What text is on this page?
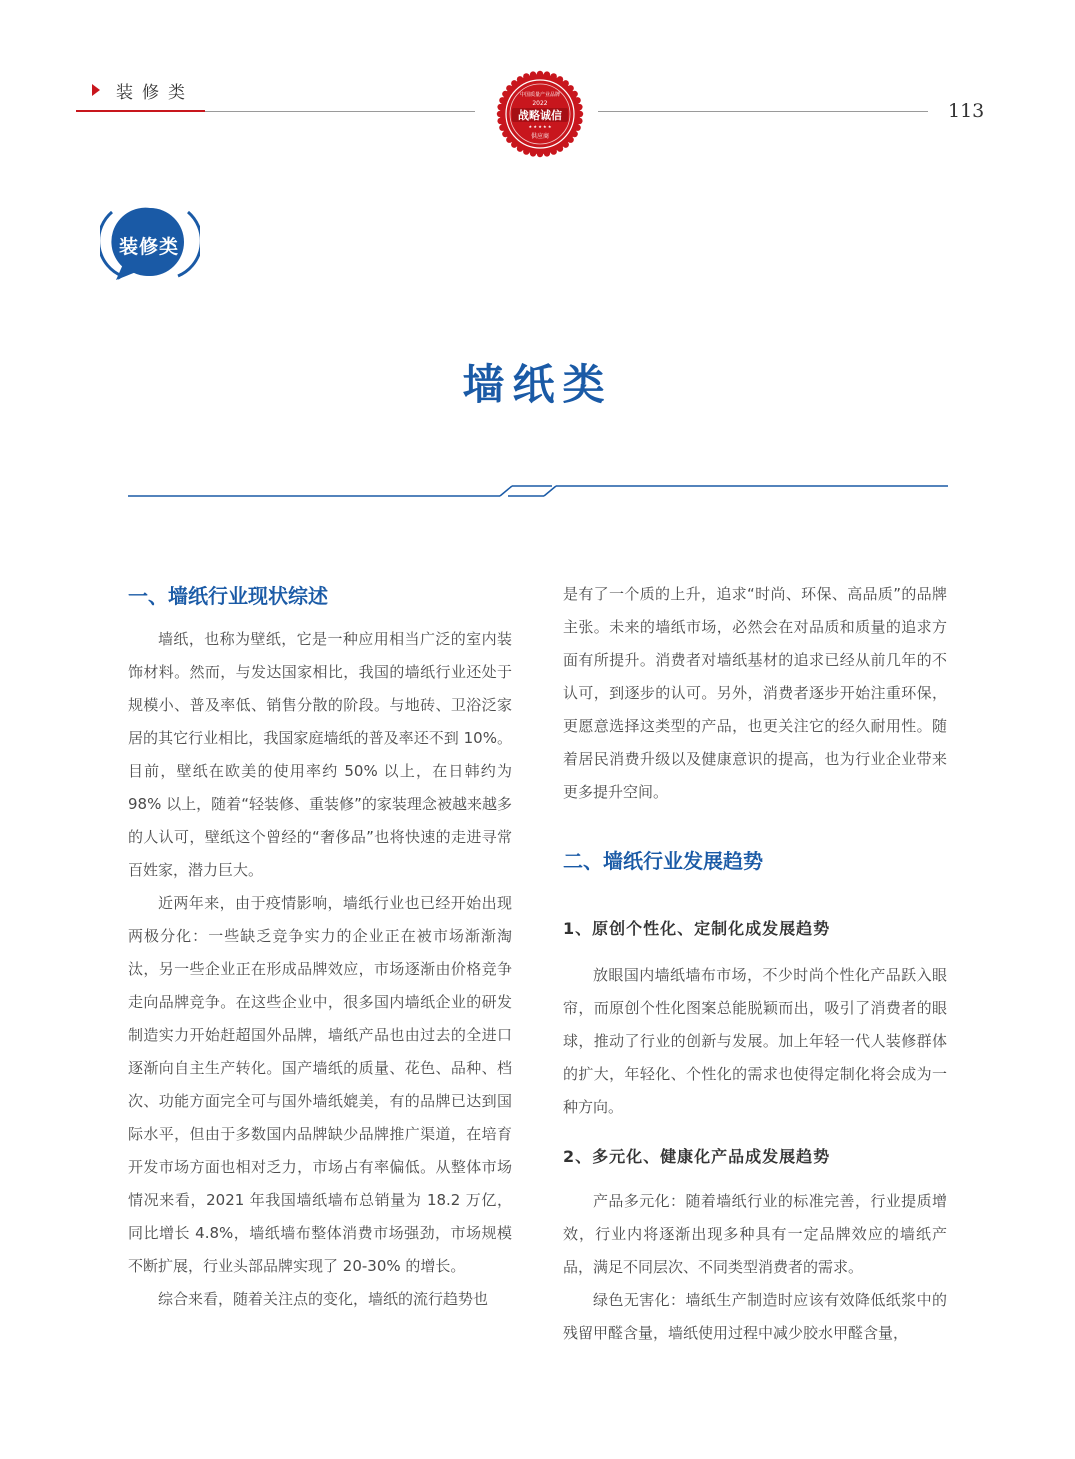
装修类
113
中国质量产业品牌
2022
战略诚信
★ ★ ★ ★ ★
供应商
装修类
墙纸类
一、墙纸行业现状综述

墙纸，也称为壁纸，它是一种应用相当广泛的室内装饰材料。然而，与发达国家相比，我国的墙纸行业还处于规模小、普及率低、销售分散的阶段。与地砖、卫浴泛家居的其它行业相比，我国家庭墙纸的普及率还不到 10%。目前，壁纸在欧美的使用率约 50% 以上，在日韩约为 98% 以上，随着“轻装修、重装修”的家装理念被越来越多的人认可，壁纸这个曾经的“奢侈品”也将快速的走进寻常百姓家，潜力巨大。

近两年来，由于疫情影响，墙纸行业也已经开始出现两极分化：一些缺乏竞争实力的企业正在被市场渐渐淘汰，另一些企业正在形成品牌效应，市场逐渐由价格竞争走向品牌竞争。在这些企业中，很多国内墙纸企业的研发制造实力开始赶超国外品牌，墙纸产品也由过去的全进口逐渐向自主生产转化。国产墙纸的质量、花色、品种、档次、功能方面完全可与国外墙纸媲美，有的品牌已达到国际水平，但由于多数国内品牌缺少品牌推广渠道，在培育开发市场方面也相对乏力，市场占有率偏低。从整体市场情况来看，2021 年我国墙纸墙布总销量为 18.2 万亿，同比增长 4.8%，墙纸墙布整体消费市场强劲，市场规模不断扩展，行业头部品牌实现了 20-30% 的增长。

综合来看，随着关注点的变化，墙纸的流行趋势也

是有了一个质的上升，追求“时尚、环保、高品质”的品牌主张。未来的墙纸市场，必然会在对品质和质量的追求方面有所提升。消费者对墙纸基材的追求已经从前几年的不认可，到逐步的认可。另外，消费者逐步开始注重环保，更愿意选择这类型的产品，也更关注它的经久耐用性。随着居民消费升级以及健康意识的提高，也为行业企业带来更多提升空间。

二、墙纸行业发展趋势
1、原创个性化、定制化成发展趋势

放眼国内墙纸墙布市场，不少时尚个性化产品跃入眼帘，而原创个性化图案总能脱颖而出，吸引了消费者的眼球，推动了行业的创新与发展。加上年轻一代人装修群体的扩大，年轻化、个性化的需求也使得定制化将会成为一种方向。

2、多元化、健康化产品成发展趋势

产品多元化：随着墙纸行业的标准完善，行业提质增效，行业内将逐渐出现多种具有一定品牌效应的墙纸产品，满足不同层次、不同类型消费者的需求。

绿色无害化：墙纸生产制造时应该有效降低纸浆中的残留甲醛含量，墙纸使用过程中减少胶水甲醛含量，
